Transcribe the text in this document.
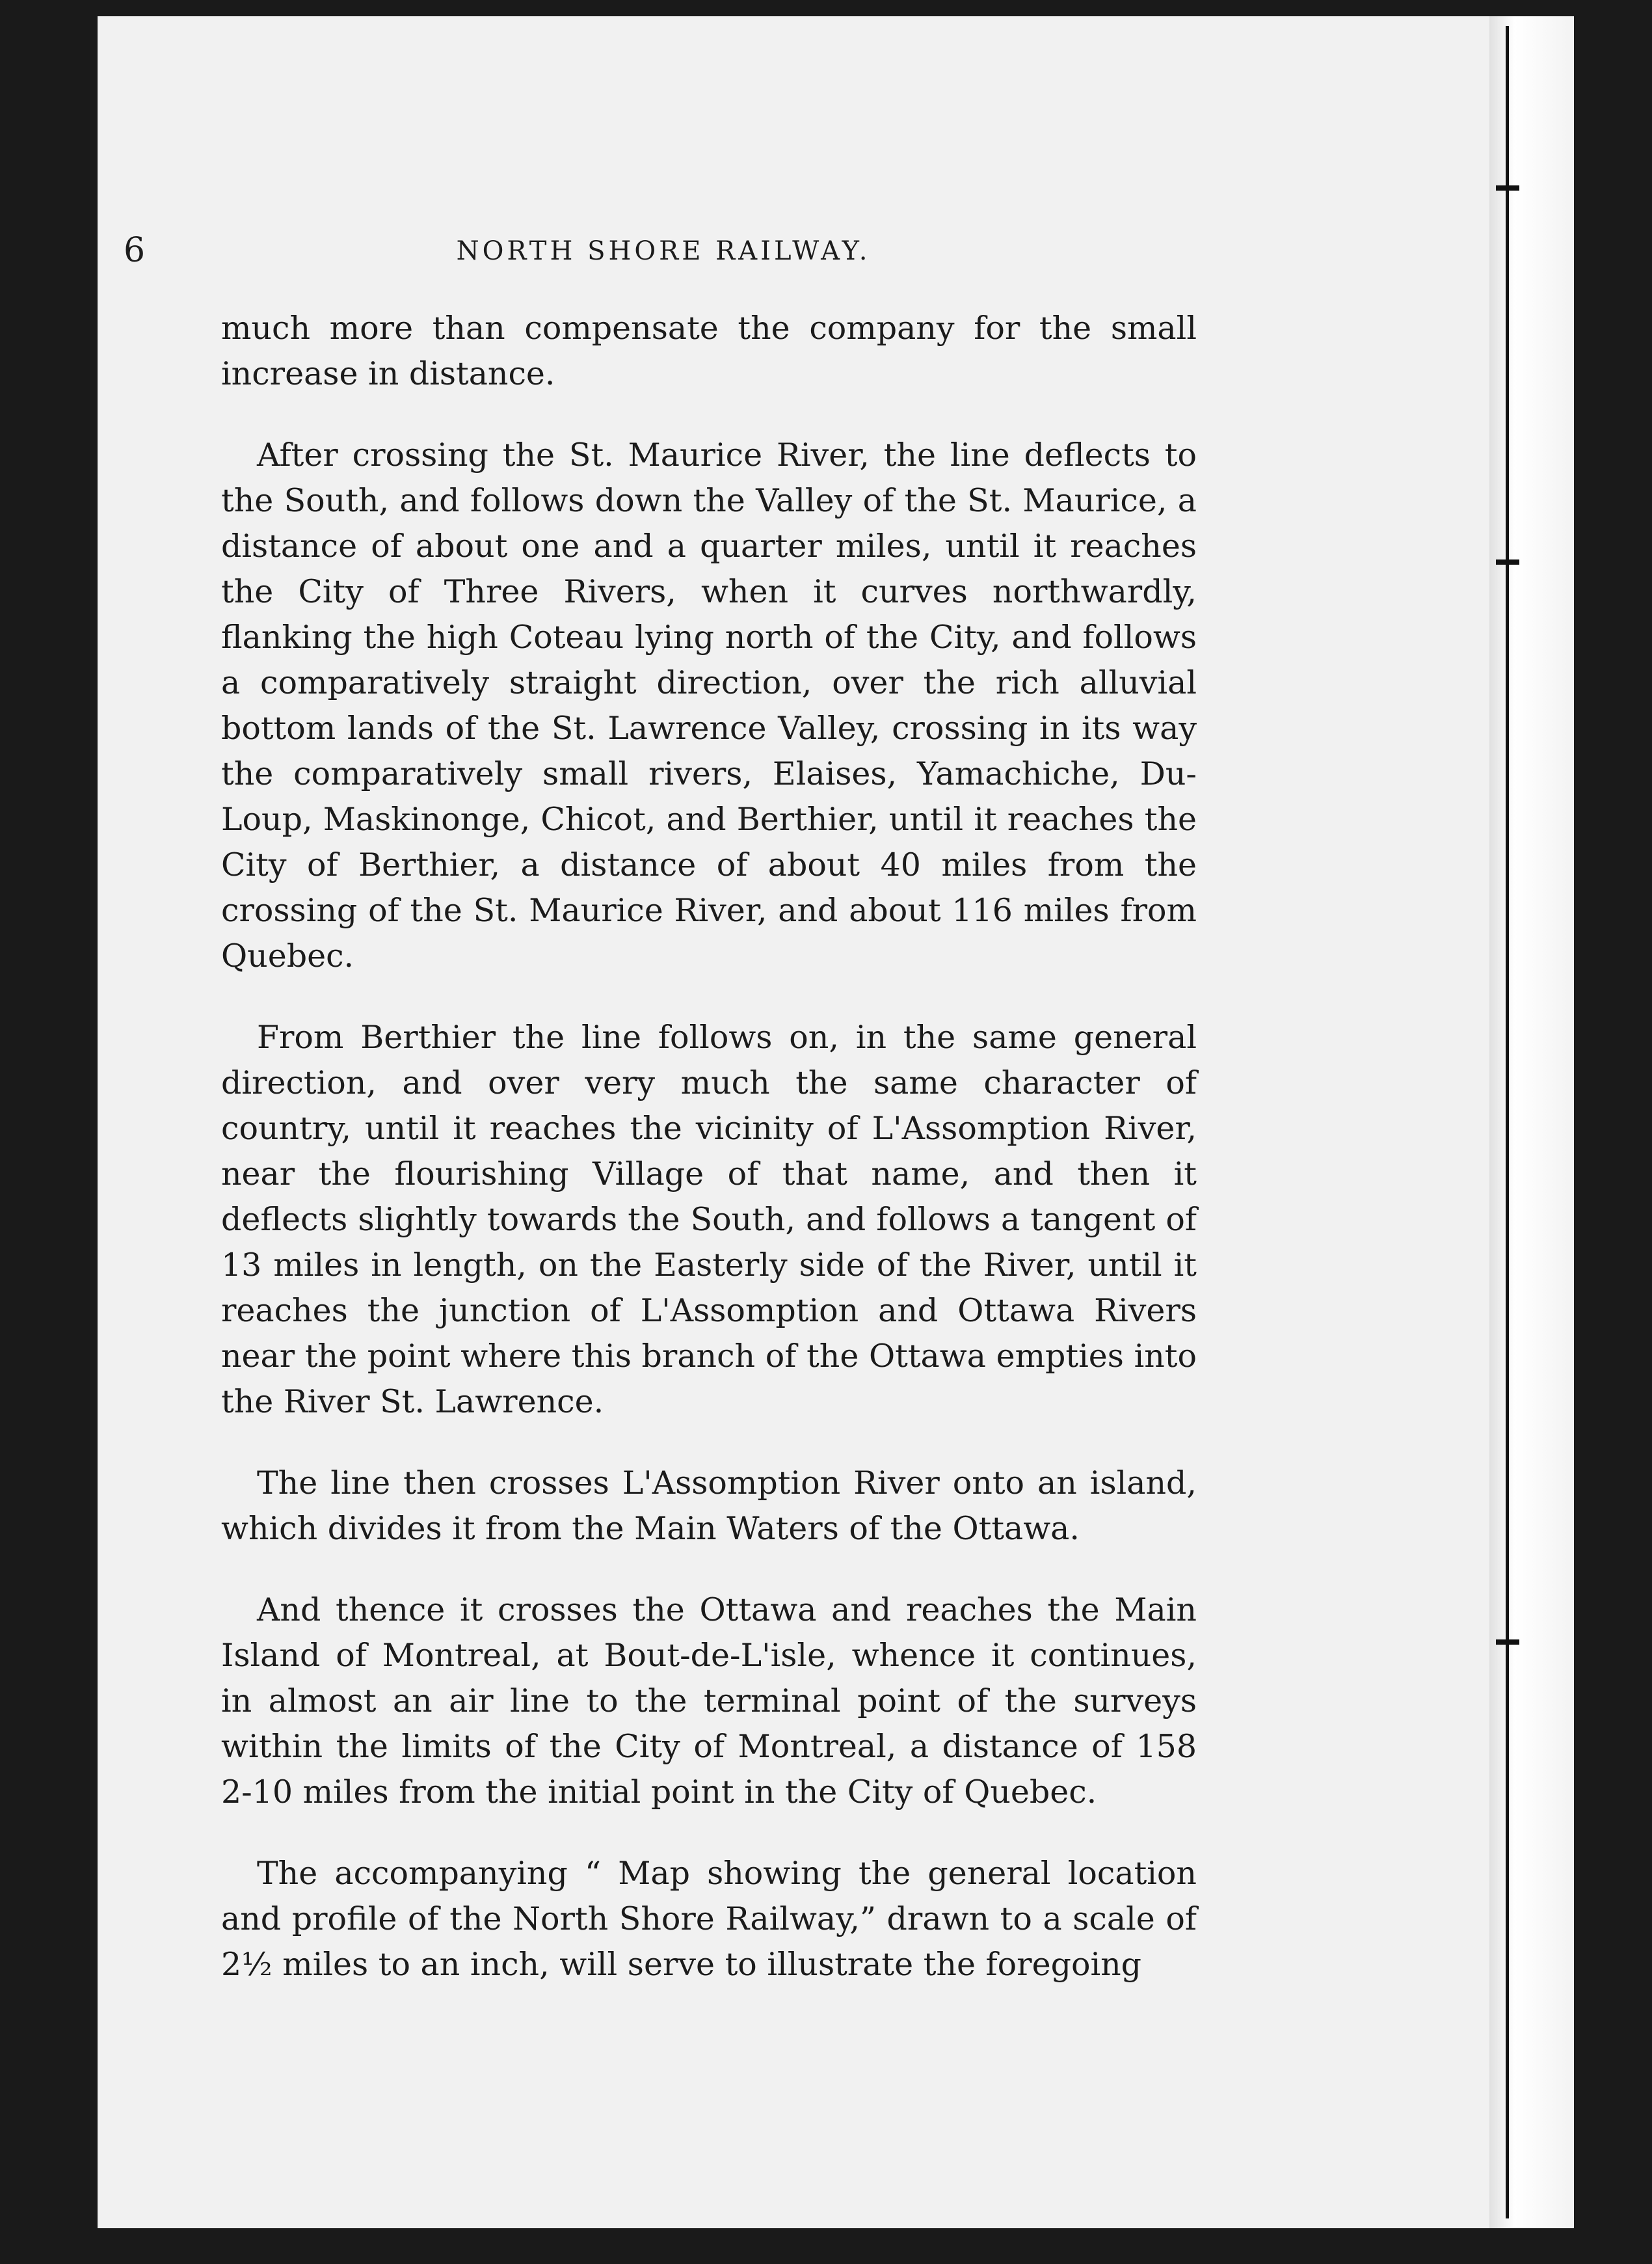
6	NORTH SHORE RAILWAY.

much more than compensate the company for the small increase in distance.

After crossing the St. Maurice River, the line deflects to the South, and follows down the Valley of the St. Maurice, a distance of about one and a quarter miles, until it reaches the City of Three Rivers, when it curves northwardly, flanking the high Coteau lying north of the City, and follows a comparatively straight direction, over the rich alluvial bottom lands of the St. Lawrence Valley, crossing in its way the comparatively small rivers, Elaises, Yamachiche, Du-Loup, Maskinonge, Chicot, and Berthier, until it reaches the City of Berthier, a distance of about 40 miles from the crossing of the St. Maurice River, and about 116 miles from Quebec.

From Berthier the line follows on, in the same general direction, and over very much the same character of country, until it reaches the vicinity of L'Assomption River, near the flourishing Village of that name, and then it deflects slightly towards the South, and follows a tangent of 13 miles in length, on the Easterly side of the River, until it reaches the junction of L'Assomption and Ottawa Rivers near the point where this branch of the Ottawa empties into the River St. Lawrence.

The line then crosses L'Assomption River onto an island, which divides it from the Main Waters of the Ottawa.

And thence it crosses the Ottawa and reaches the Main Island of Montreal, at Bout-de-L'isle, whence it continues, in almost an air line to the terminal point of the surveys within the limits of the City of Montreal, a distance of 158 2-10 miles from the initial point in the City of Quebec.

The accompanying “ Map showing the general location and profile of the North Shore Railway,” drawn to a scale of 2½ miles to an inch, will serve to illustrate the foregoing
